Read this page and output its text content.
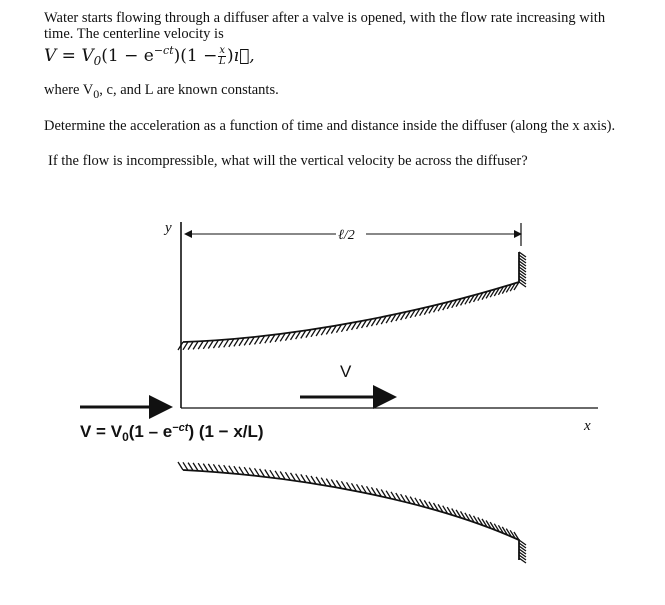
Water starts flowing through a diffuser after a valve is opened, with the flow rate increasing with
time. The centerline velocity is
$V = V_0(1 - e^{-ct})(1 - \frac{x}{L}$ )ı⃗,
where $V_0$, c, and L are known constants.
Determine the acceleration as a function of time and distance inside the diffuser (along the x axis).
If the flow is incompressible, what will the vertical velocity be across the diffuser?
y
x
ℓ/2
V
$V = V_0(1 - e^{-ct}) (1 - x/L)$
